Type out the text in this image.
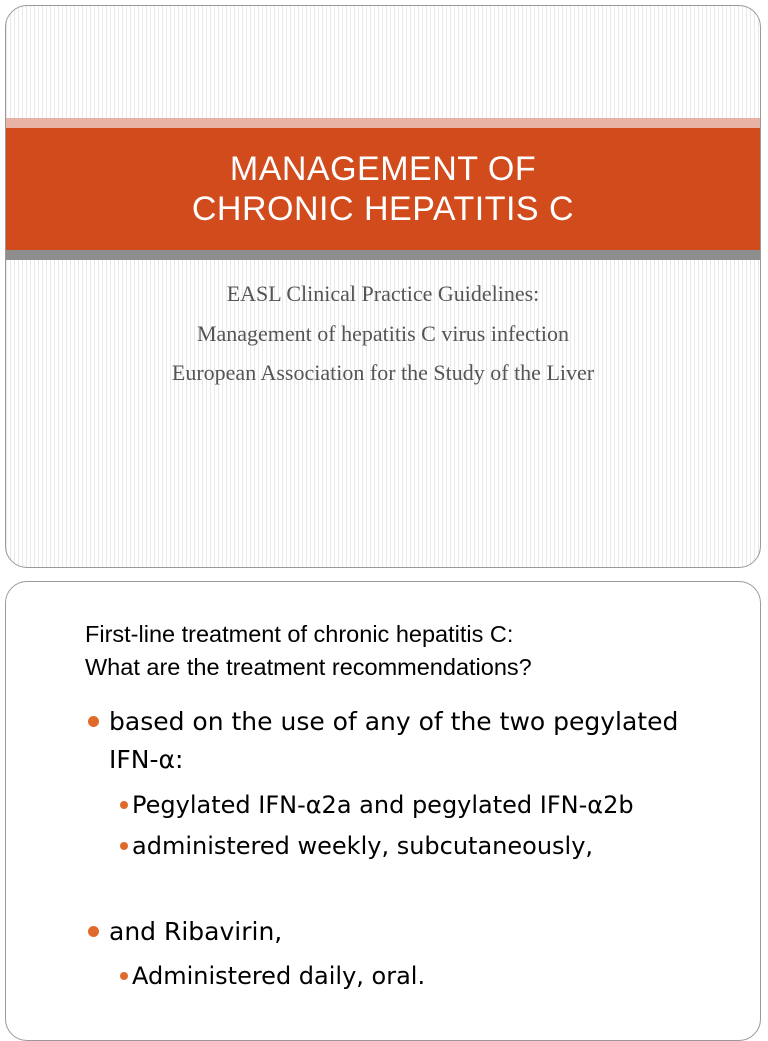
MANAGEMENT OF
CHRONIC HEPATITIS C
EASL Clinical Practice Guidelines:
Management of hepatitis C virus infection
European Association for the Study of the Liver
First-line treatment of chronic hepatitis C:
What are the treatment recommendations?
based on the use of any of the two pegylated
IFN-α:
Pegylated IFN-α2a and pegylated IFN-α2b
administered weekly, subcutaneously,
and Ribavirin,
Administered daily, oral.
